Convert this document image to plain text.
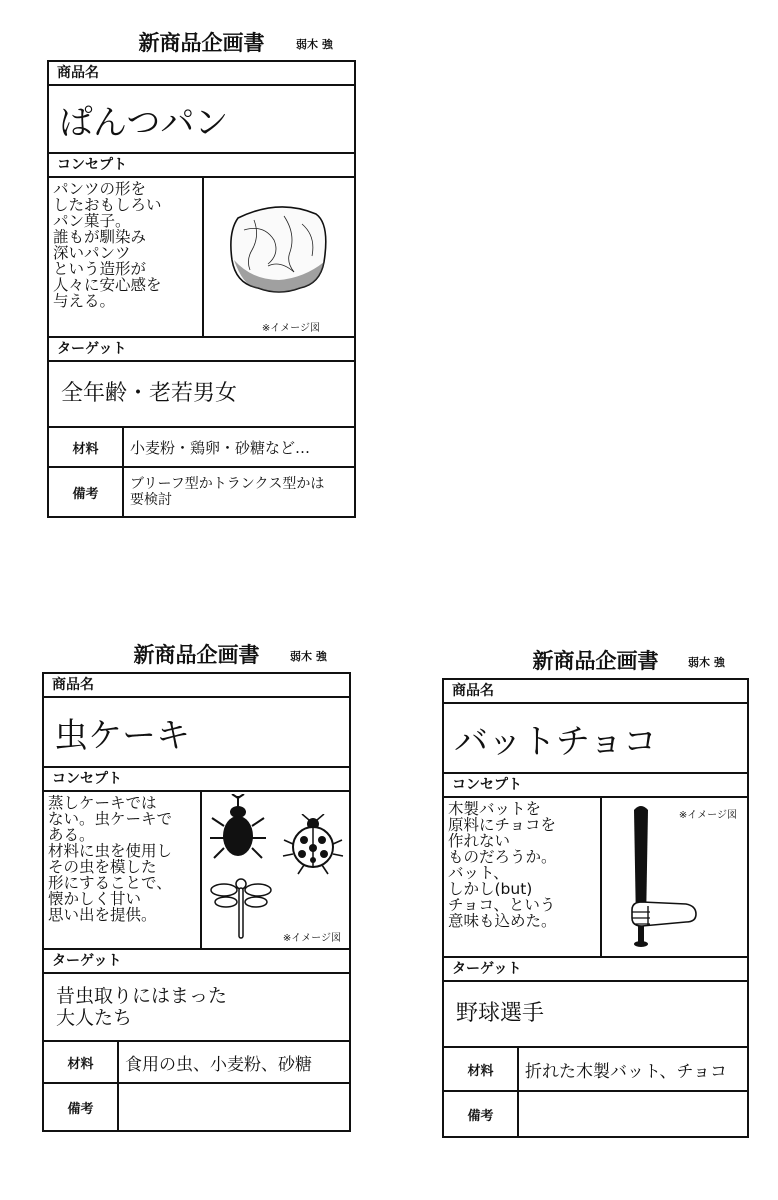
新商品企画書	弱木 強
商品名
ぱんつパン
コンセプト
パンツの形を
したおもしろい
パン菓子。
誰もが馴染み
深いパンツ
という造形が
人々に安心感を
与える。
※イメージ図
ターゲット
全年齢・老若男女
材料	小麦粉・鶏卵・砂糖など…
備考
ブリーフ型かトランクス型かは
要検討
新商品企画書	弱木 強
商品名
虫ケーキ
コンセプト
蒸しケーキでは
ない。虫ケーキで
ある。
材料に虫を使用し
その虫を模した
形にすることで、
懐かしく甘い
思い出を提供。
※イメージ図
ターゲット
昔虫取りにはまった
大人たち
材料	食用の虫、小麦粉、砂糖
備考
新商品企画書	弱木 強
商品名
バットチョコ
コンセプト
木製バットを
原料にチョコを
作れない
ものだろうか。
バット、
しかし(but)
チョコ、という
意味も込めた。
※イメージ図
ターゲット
野球選手
材料	折れた木製バット、チョコ
備考
